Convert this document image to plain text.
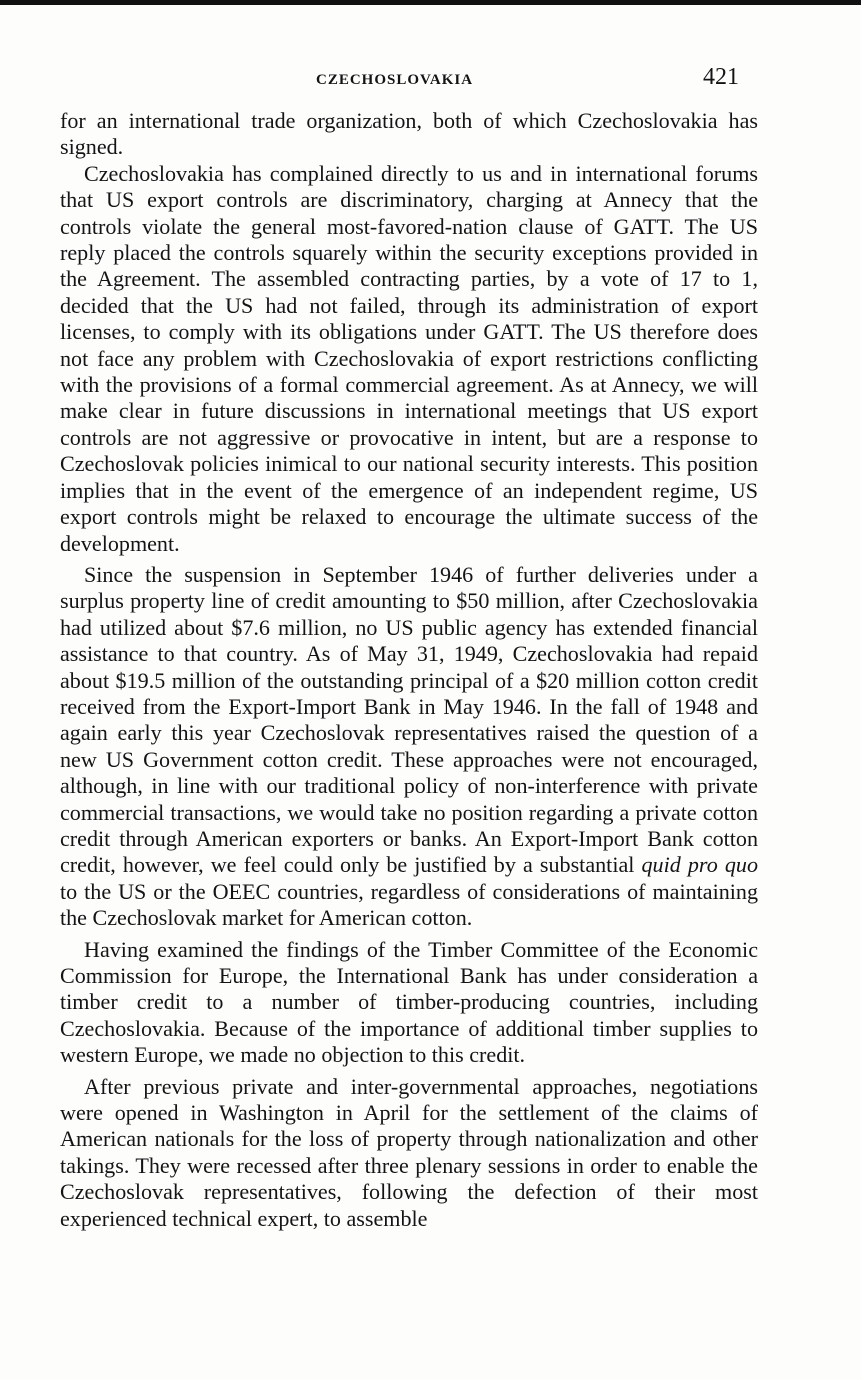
CZECHOSLOVAKIA	421

for an international trade organization, both of which Czechoslovakia has signed.

Czechoslovakia has complained directly to us and in international forums that US export controls are discriminatory, charging at Annecy that the controls violate the general most-favored-nation clause of GATT. The US reply placed the controls squarely within the security exceptions provided in the Agreement. The assembled contracting parties, by a vote of 17 to 1, decided that the US had not failed, through its administration of export licenses, to comply with its obligations under GATT. The US therefore does not face any problem with Czechoslovakia of export restrictions conflicting with the provisions of a formal commercial agreement. As at Annecy, we will make clear in future discussions in international meetings that US export controls are not aggressive or provocative in intent, but are a response to Czechoslovak policies inimical to our national security interests. This position implies that in the event of the emergence of an independent regime, US export controls might be relaxed to encourage the ultimate success of the development.

Since the suspension in September 1946 of further deliveries under a surplus property line of credit amounting to $50 million, after Czechoslovakia had utilized about $7.6 million, no US public agency has extended financial assistance to that country. As of May 31, 1949, Czechoslovakia had repaid about $19.5 million of the outstanding principal of a $20 million cotton credit received from the Export-Import Bank in May 1946. In the fall of 1948 and again early this year Czechoslovak representatives raised the question of a new US Government cotton credit. These approaches were not encouraged, although, in line with our traditional policy of non-interference with private commercial transactions, we would take no position regarding a private cotton credit through American exporters or banks. An Export-Import Bank cotton credit, however, we feel could only be justified by a substantial quid pro quo to the US or the OEEC countries, regardless of considerations of maintaining the Czechoslovak market for American cotton.

Having examined the findings of the Timber Committee of the Economic Commission for Europe, the International Bank has under consideration a timber credit to a number of timber-producing countries, including Czechoslovakia. Because of the importance of additional timber supplies to western Europe, we made no objection to this credit.

After previous private and inter-governmental approaches, negotiations were opened in Washington in April for the settlement of the claims of American nationals for the loss of property through nationalization and other takings. They were recessed after three plenary sessions in order to enable the Czechoslovak representatives, following the defection of their most experienced technical expert, to assemble
